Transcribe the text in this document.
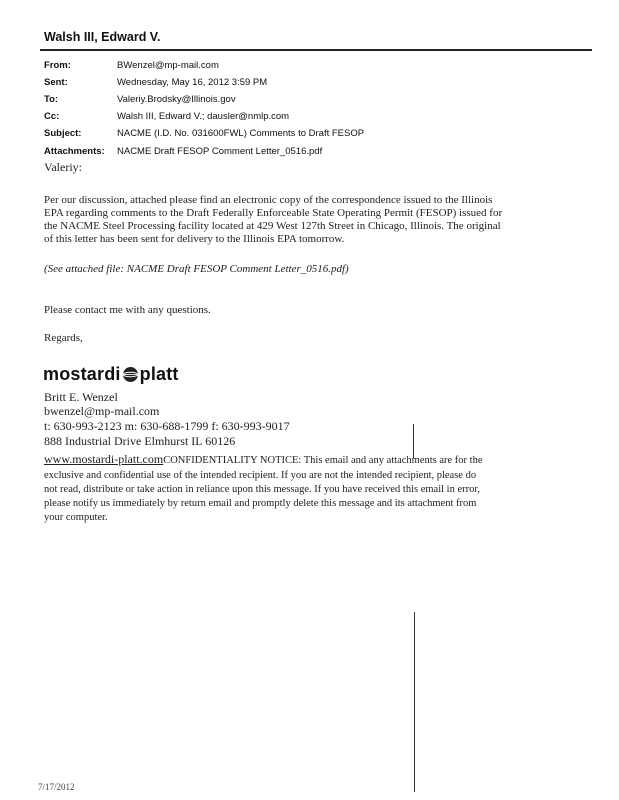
Walsh III, Edward V.
From:	BWenzel@mp-mail.com
Sent:	Wednesday, May 16, 2012 3:59 PM
To:	Valeriy.Brodsky@Illinois.gov
Cc:	Walsh III, Edward V.; dausler@nmlp.com
Subject:	NACME (I.D. No. 031600FWL) Comments to Draft FESOP
Attachments: NACME Draft FESOP Comment Letter_0516.pdf
Valeriy:
Per our discussion, attached please find an electronic copy of the correspondence issued to the Illinois
EPA regarding comments to the Draft Federally Enforceable State Operating Permit (FESOP) issued for
the NACME Steel Processing facility located at 429 West 127th Street in Chicago, Illinois. The original
of this letter has been sent for delivery to the Illinois EPA tomorrow.
(See attached file: NACME Draft FESOP Comment Letter_0516.pdf)
Please contact me with any questions.
Regards,
mostardi platt
Britt E. Wenzel
bwenzel@mp-mail.com
t: 630-993-2123 m: 630-688-1799 f: 630-993-9017
888 Industrial Drive Elmhurst IL 60126
www.mostardi-platt.comCONFIDENTIALITY NOTICE: This email and any attachments are for the
exclusive and confidential use of the intended recipient. If you are not the intended recipient, please do
not read, distribute or take action in reliance upon this message. If you have received this email in error,
please notify us immediately by return email and promptly delete this message and its attachment from
your computer.
7/17/2012
